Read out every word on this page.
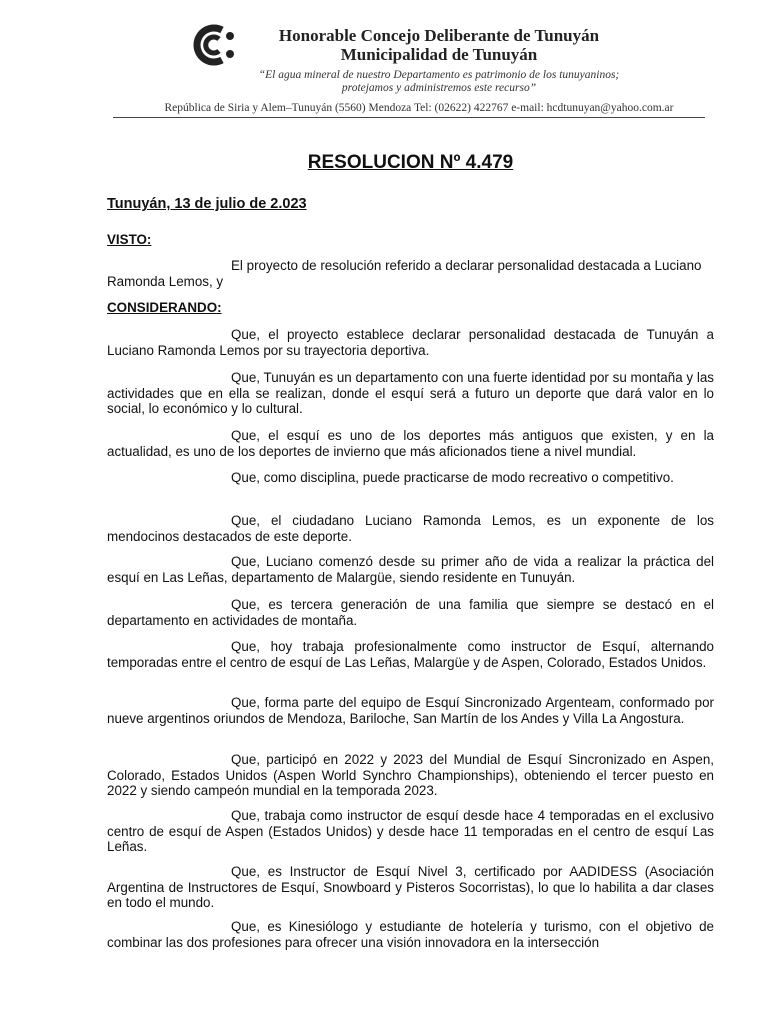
Honorable Concejo Deliberante de Tunuyán
Municipalidad de Tunuyán
“El agua mineral de nuestro Departamento es patrimonio de los tunuyaninos;
protejamos y administremos este recurso”
República de Siria y Alem–Tunuyán (5560) Mendoza Tel: (02622) 422767 e-mail: hcdtunuyan@yahoo.com.ar
RESOLUCION Nº 4.479
Tunuyán, 13 de julio de 2.023
VISTO:
El proyecto de resolución referido a declarar personalidad destacada a Luciano Ramonda Lemos, y
CONSIDERANDO:
Que, el proyecto establece declarar personalidad destacada de Tunuyán a Luciano Ramonda Lemos por su trayectoria deportiva.
Que, Tunuyán es un departamento con una fuerte identidad por su montaña y las actividades que en ella se realizan, donde el esquí será a futuro un deporte que dará valor en lo social, lo económico y lo cultural.
Que, el esquí es uno de los deportes más antiguos que existen, y en la actualidad, es uno de los deportes de invierno que más aficionados tiene a nivel mundial.
Que, como disciplina, puede practicarse de modo recreativo o competitivo.
Que, el ciudadano Luciano Ramonda Lemos, es un exponente de los mendocinos destacados de este deporte.
Que, Luciano comenzó desde su primer año de vida a realizar la práctica del esquí en Las Leñas, departamento de Malargüe, siendo residente en Tunuyán.
Que, es tercera generación de una familia que siempre se destacó en el departamento en actividades de montaña.
Que, hoy trabaja profesionalmente como instructor de Esquí, alternando temporadas entre el centro de esquí de Las Leñas, Malargüe y de Aspen, Colorado, Estados Unidos.
Que, forma parte del equipo de Esquí Sincronizado Argenteam, conformado por nueve argentinos oriundos de Mendoza, Bariloche, San Martín de los Andes y Villa La Angostura.
Que, participó en 2022 y 2023 del Mundial de Esquí Sincronizado en Aspen, Colorado, Estados Unidos (Aspen World Synchro Championships), obteniendo el tercer puesto en 2022 y siendo campeón mundial en la temporada 2023.
Que, trabaja como instructor de esquí desde hace 4 temporadas en el exclusivo centro de esquí de Aspen (Estados Unidos) y desde hace 11 temporadas en el centro de esquí Las Leñas.
Que, es Instructor de Esquí Nivel 3, certificado por AADIDESS (Asociación Argentina de Instructores de Esquí, Snowboard y Pisteros Socorristas), lo que lo habilita a dar clases en todo el mundo.
Que, es Kinesiólogo y estudiante de hotelería y turismo, con el objetivo de combinar las dos profesiones para ofrecer una visión innovadora en la intersección
